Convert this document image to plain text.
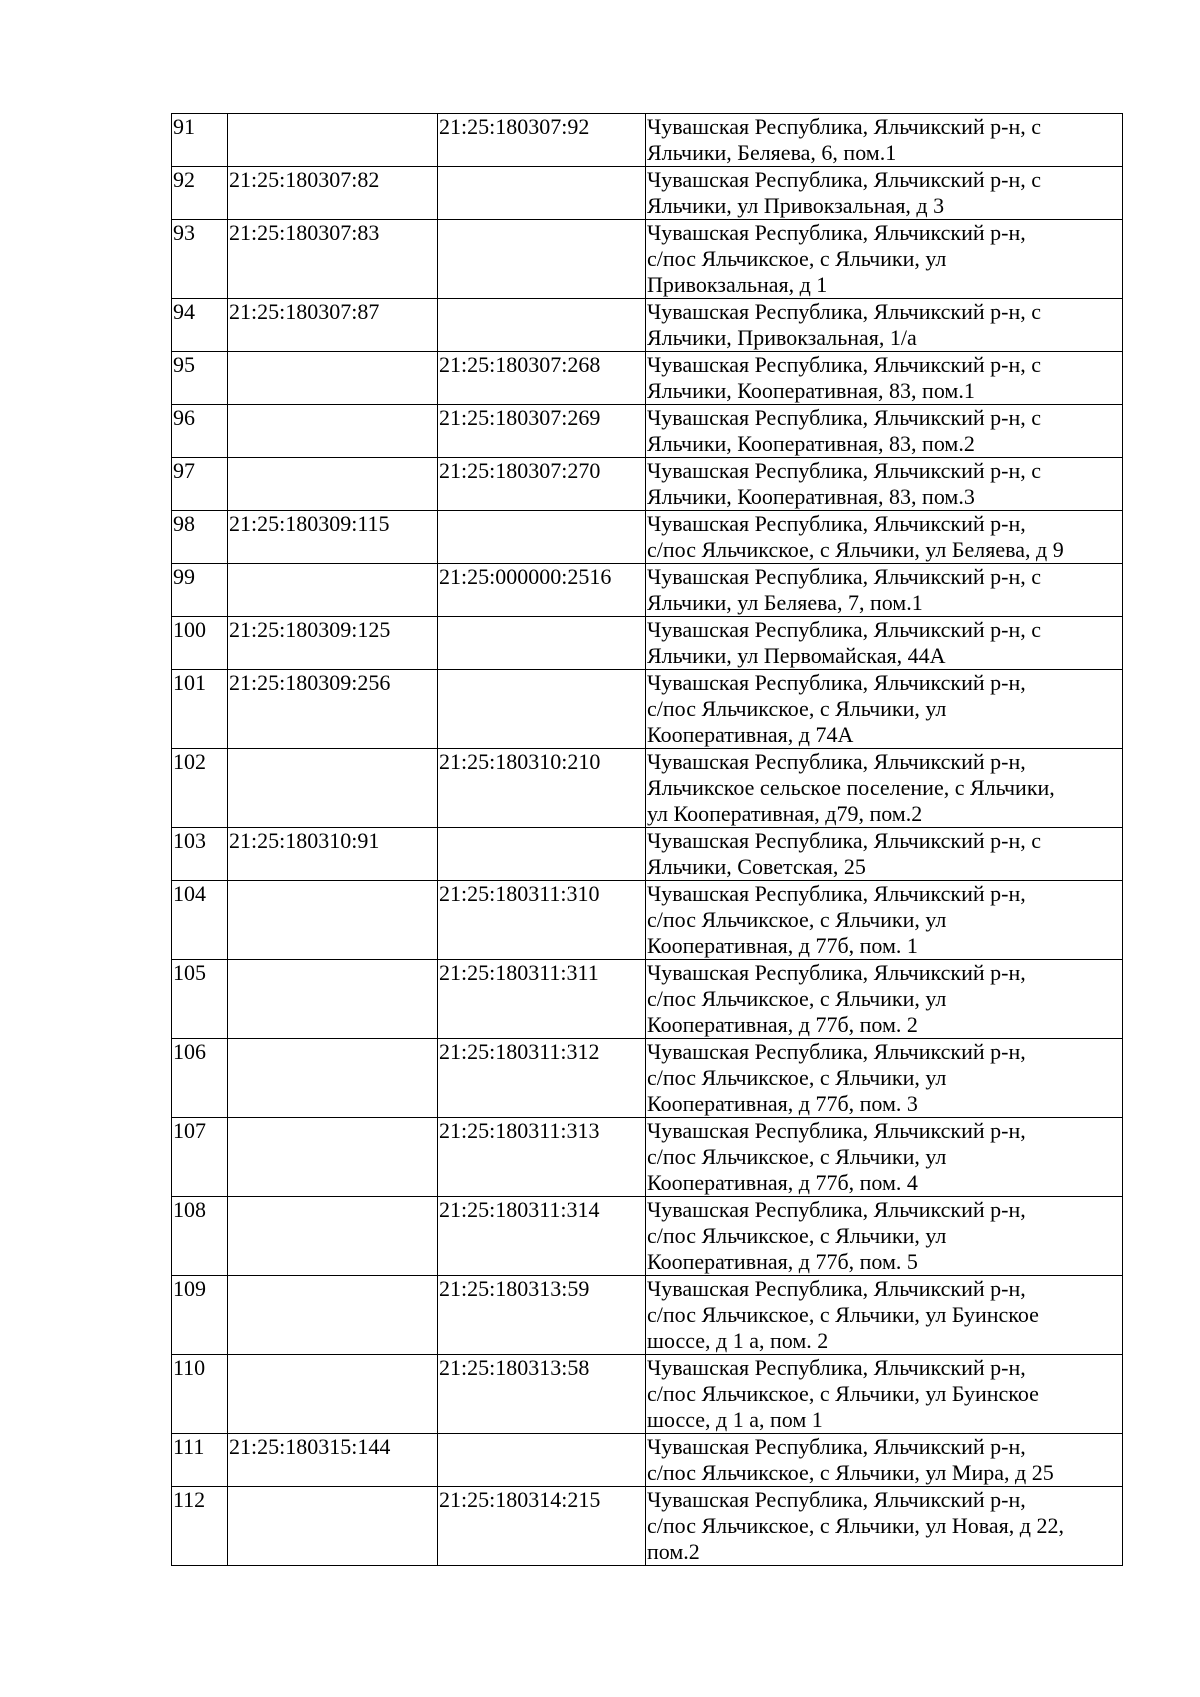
91		21:25:180307:92	Чувашская Республика, Яльчикский р-н, с
Яльчики, Беляева, 6, пом.1

92	21:25:180307:82		Чувашская Республика, Яльчикский р-н, с
Яльчики, ул Привокзальная, д 3

93	21:25:180307:83		Чувашская Республика, Яльчикский р-н,
с/пос Яльчикское, с Яльчики, ул
Привокзальная, д 1

94	21:25:180307:87		Чувашская Республика, Яльчикский р-н, с
Яльчики, Привокзальная, 1/а

95		21:25:180307:268	Чувашская Республика, Яльчикский р-н, с
Яльчики, Кооперативная, 83, пом.1

96		21:25:180307:269	Чувашская Республика, Яльчикский р-н, с
Яльчики, Кооперативная, 83, пом.2

97		21:25:180307:270	Чувашская Республика, Яльчикский р-н, с
Яльчики, Кооперативная, 83, пом.3

98	21:25:180309:115		Чувашская Республика, Яльчикский р-н,
с/пос Яльчикское, с Яльчики, ул Беляева, д 9

99		21:25:000000:2516	Чувашская Республика, Яльчикский р-н, с
Яльчики, ул Беляева, 7, пом.1

100	21:25:180309:125		Чувашская Республика, Яльчикский р-н, с
Яльчики, ул Первомайская, 44А

101	21:25:180309:256		Чувашская Республика, Яльчикский р-н,
с/пос Яльчикское, с Яльчики, ул
Кооперативная, д 74А

102		21:25:180310:210	Чувашская Республика, Яльчикский р-н,
Яльчикское сельское поселение, с Яльчики,
ул Кооперативная, д79, пом.2

103	21:25:180310:91		Чувашская Республика, Яльчикский р-н, с
Яльчики, Советская, 25

104		21:25:180311:310	Чувашская Республика, Яльчикский р-н,
с/пос Яльчикское, с Яльчики, ул
Кооперативная, д 77б, пом. 1

105		21:25:180311:311	Чувашская Республика, Яльчикский р-н,
с/пос Яльчикское, с Яльчики, ул
Кооперативная, д 77б, пом. 2

106		21:25:180311:312	Чувашская Республика, Яльчикский р-н,
с/пос Яльчикское, с Яльчики, ул
Кооперативная, д 77б, пом. 3

107		21:25:180311:313	Чувашская Республика, Яльчикский р-н,
с/пос Яльчикское, с Яльчики, ул
Кооперативная, д 77б, пом. 4

108		21:25:180311:314	Чувашская Республика, Яльчикский р-н,
с/пос Яльчикское, с Яльчики, ул
Кооперативная, д 77б, пом. 5

109		21:25:180313:59	Чувашская Республика, Яльчикский р-н,
с/пос Яльчикское, с Яльчики, ул Буинское
шоссе, д 1 а, пом. 2

110		21:25:180313:58	Чувашская Республика, Яльчикский р-н,
с/пос Яльчикское, с Яльчики, ул Буинское
шоссе, д 1 а, пом 1

111	21:25:180315:144		Чувашская Республика, Яльчикский р-н,
с/пос Яльчикское, с Яльчики, ул Мира, д 25

112		21:25:180314:215	Чувашская Республика, Яльчикский р-н,
с/пос Яльчикское, с Яльчики, ул Новая, д 22,
пом.2
